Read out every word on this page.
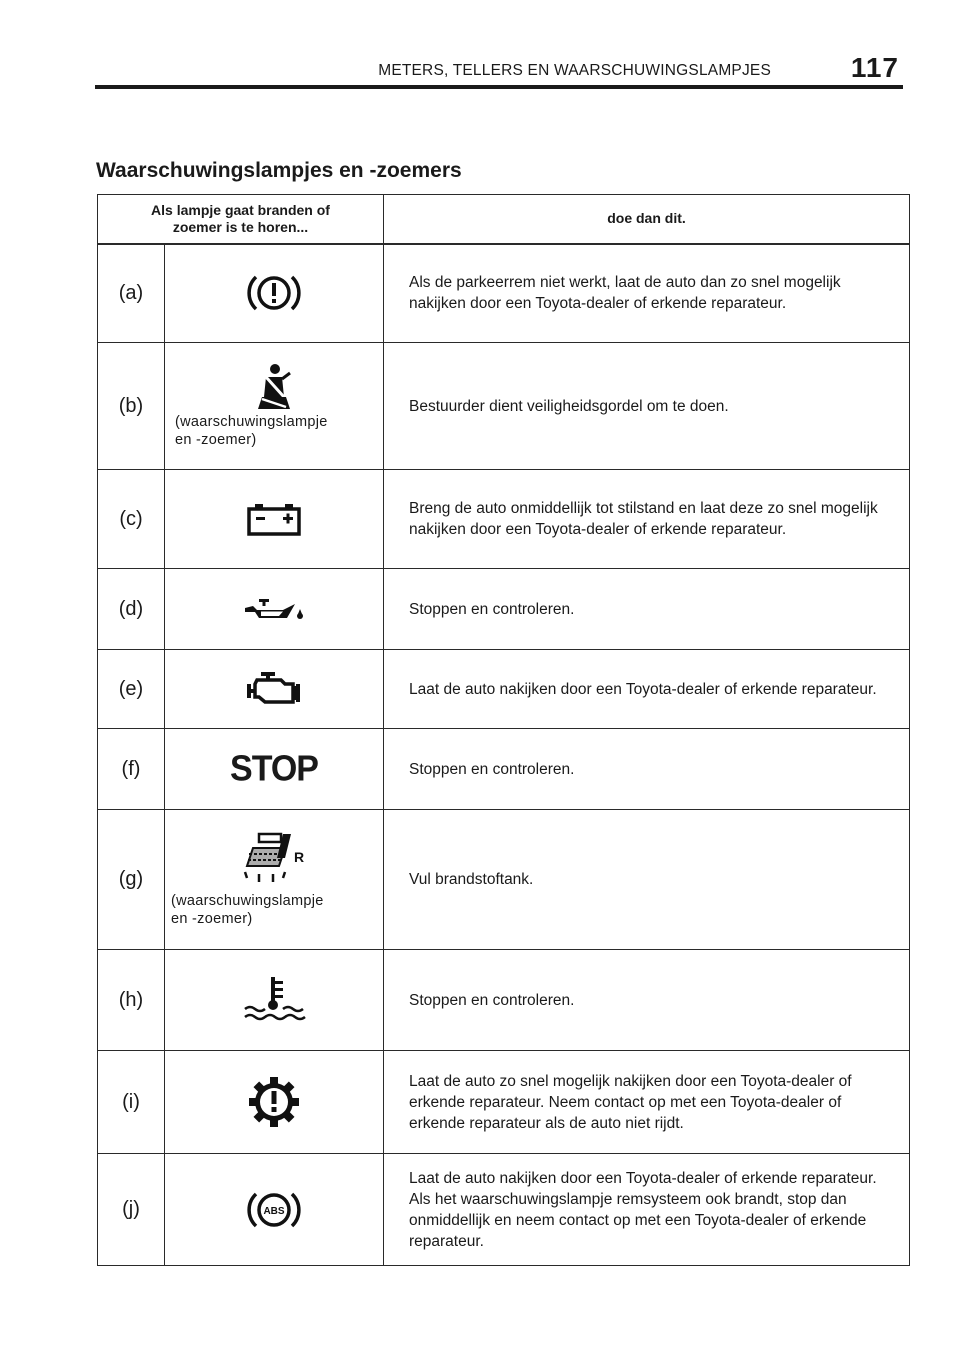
METERS, TELLERS EN WAARSCHUWINGSLAMPJES	117
Waarschuwingslampjes en -zoemers
Als lampje gaat branden of
zoemer is te horen...		doe dan dit.
(a)		Als de parkeerrem niet werkt, laat de auto dan zo snel mogelijk nakijken door een Toyota-dealer of erkende reparateur.
(b)	(waarschuwingslampje
en -zoemer)	Bestuurder dient veiligheidsgordel om te doen.
(c)		Breng de auto onmiddellijk tot stilstand en laat deze zo snel mogelijk nakijken door een Toyota-dealer of erkende reparateur.
(d)		Stoppen en controleren.
(e)		Laat de auto nakijken door een Toyota-dealer of erkende reparateur.
(f)	STOP	Stoppen en controleren.
(g)	R
(waarschuwingslampje
en -zoemer)	Vul brandstoftank.
(h)		Stoppen en controleren.
(i)		Laat de auto zo snel mogelijk nakijken door een Toyota-dealer of erkende reparateur. Neem contact op met een Toyota-dealer of erkende reparateur als de auto niet rijdt.
(j)	ABS	Laat de auto nakijken door een Toyota-dealer of erkende reparateur. Als het waarschuwingslampje remsysteem ook brandt, stop dan onmiddellijk en neem contact op met een Toyota-dealer of erkende reparateur.
